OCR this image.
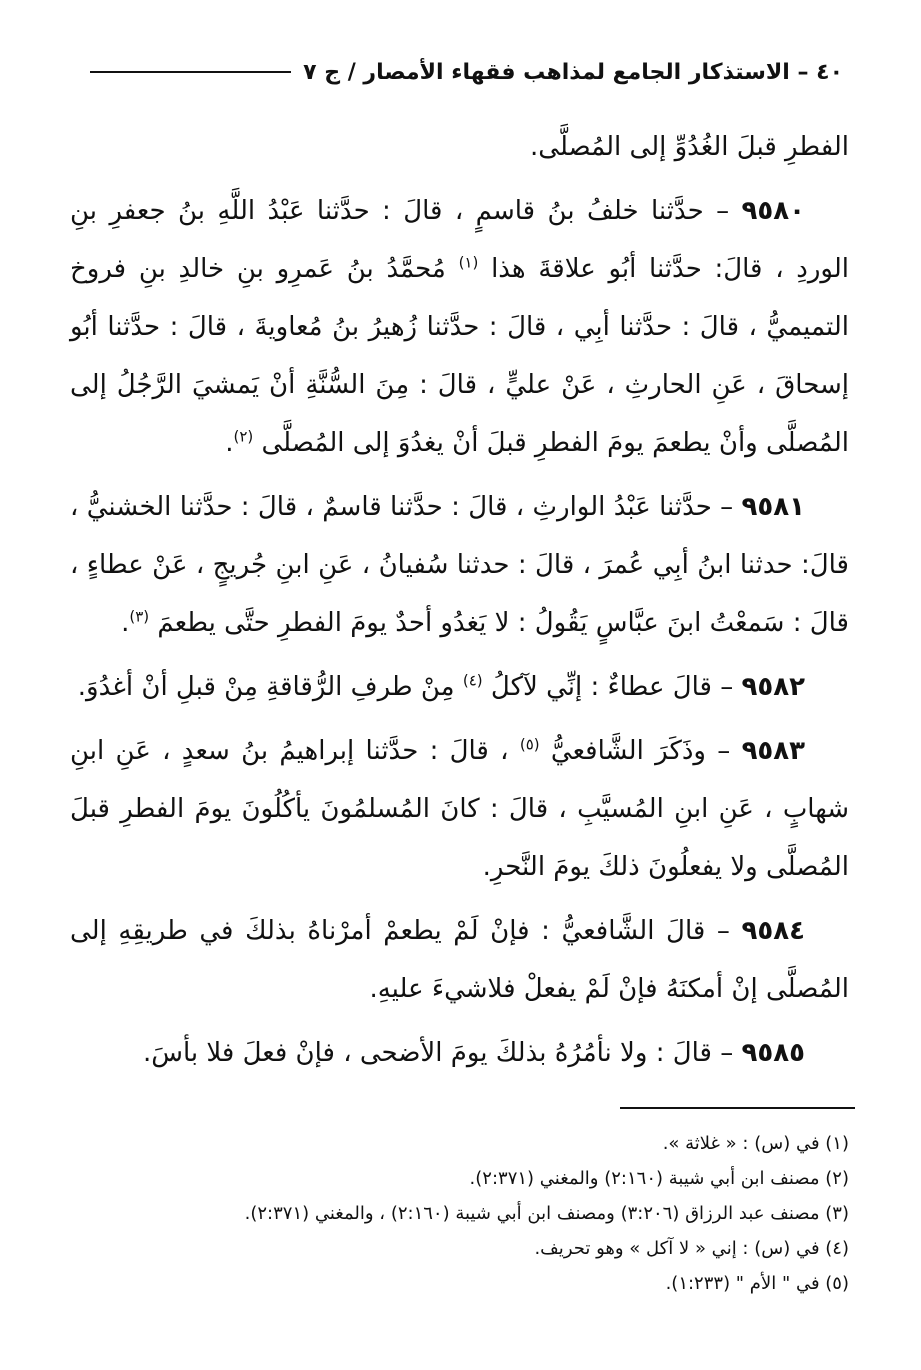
٤٠ – الاستذكار الجامع لمذاهب فقهاء الأمصار / ج ٧

الفطرِ قبلَ الغُدُوِّ إلى المُصلَّى.

٩٥٨٠ – حدَّثنا خلفُ بنُ قاسمٍ ، قالَ : حدَّثنا عَبْدُ اللَّهِ بنُ جعفرِ بنِ الوردِ ، قالَ: حدَّثنا أبُو علاقةَ هذا $^{(١)}$ مُحمَّدُ بنُ عَمرِو بنِ خالدِ بنِ فروخ التميميُّ ، قالَ : حدَّثنا أبِي ، قالَ : حدَّثنا زُهيرُ بنُ مُعاويةَ ، قالَ : حدَّثنا أبُو إسحاقَ ، عَنِ الحارثِ ، عَنْ عليٍّ ، قالَ : مِنَ السُّنَّةِ أنْ يَمشيَ الرَّجُلُ إلى المُصلَّى وأنْ يطعمَ يومَ الفطرِ قبلَ أنْ يغدُوَ إلى المُصلَّى $^{(٢)}$.

٩٥٨١ – حدَّثنا عَبْدُ الوارثِ ، قالَ : حدَّثنا قاسمٌ ، قالَ : حدَّثنا الخشنيُّ ، قالَ: حدثنا ابنُ أبِي عُمرَ ، قالَ : حدثنا سُفيانُ ، عَنِ ابنِ جُريجٍ ، عَنْ عطاءٍ ، قالَ : سَمعْتُ ابنَ عبَّاسٍ يَقُولُ : لا يَغدُو أحدٌ يومَ الفطرِ حتَّى يطعمَ $^{(٣)}$.

٩٥٨٢ – قالَ عطاءٌ : إنِّي لآكلُ $^{(٤)}$ مِنْ طرفِ الرُّقاقةِ مِنْ قبلِ أنْ أغدُوَ.

٩٥٨٣ – وذَكَرَ الشَّافعيُّ $^{(٥)}$ ، قالَ : حدَّثنا إبراهيمُ بنُ سعدٍ ، عَنِ ابنِ شهابٍ ، عَنِ ابنِ المُسيَّبِ ، قالَ : كانَ المُسلمُونَ يأكُلُونَ يومَ الفطرِ قبلَ المُصلَّى ولا يفعلُونَ ذلكَ يومَ النَّحرِ.

٩٥٨٤ – قالَ الشَّافعيُّ : فإنْ لَمْ يطعمْ أمرْناهُ بذلكَ في طريقِهِ إلى المُصلَّى إنْ أمكنَهُ فإنْ لَمْ يفعلْ فلاشيءَ عليهِ.

٩٥٨٥ – قالَ : ولا نأمُرُهُ بذلكَ يومَ الأضحى ، فإنْ فعلَ فلا بأسَ.

(١) في (س) : « غلاثة ».

(٢) مصنف ابن أبي شيبة (٢:١٦٠) والمغني (٢:٣٧١).

(٣) مصنف عبد الرزاق (٣:٢٠٦) ومصنف ابن أبي شيبة (٢:١٦٠) ، والمغني (٢:٣٧١).

(٤) في (س) : إني « لا آكل » وهو تحريف.

(٥) في " الأم " (١:٢٣٣).
